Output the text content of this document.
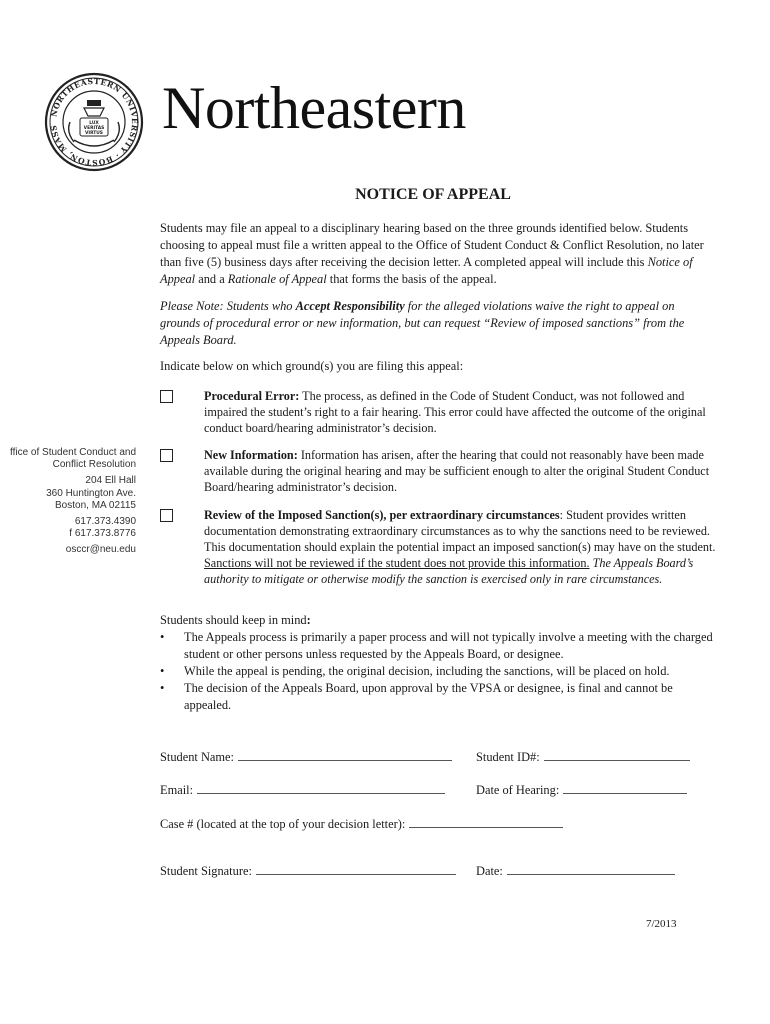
NORTHEASTERN UNIVERSITY · BOSTON, MASS
LUX
VERITAS
VIRTUS Northeastern
NOTICE OF APPEAL
Students may file an appeal to a disciplinary hearing based on the three grounds identified below. Students choosing to appeal must file a written appeal to the Office of Student Conduct & Conflict Resolution, no later than five (5) business days after receiving the decision letter. A completed appeal will include this Notice of Appeal and a Rationale of Appeal that forms the basis of the appeal.
Please Note: Students who Accept Responsibility for the alleged violations waive the right to appeal on grounds of procedural error or new information, but can request “Review of imposed sanctions” from the Appeals Board.
Indicate below on which ground(s) you are filing this appeal:
ffice of Student Conduct and
Conflict Resolution
204 Ell Hall
360 Huntington Ave.
Boston, MA 02115
617.373.4390
f 617.373.8776
osccr@neu.edu
Procedural Error: The process, as defined in the Code of Student Conduct, was not followed and impaired the student’s right to a fair hearing. This error could have affected the outcome of the original conduct board/hearing administrator’s decision.
New Information: Information has arisen, after the hearing that could not reasonably have been made available during the original hearing and may be sufficient enough to alter the original Student Conduct Board/hearing administrator’s decision.
Review of the Imposed Sanction(s), per extraordinary circumstances: Student provides written documentation demonstrating extraordinary circumstances as to why the sanctions need to be reviewed. This documentation should explain the potential impact an imposed sanction(s) may have on the student. Sanctions will not be reviewed if the student does not provide this information. The Appeals Board’s authority to mitigate or otherwise modify the sanction is exercised only in rare circumstances.
Students should keep in mind:
•	The Appeals process is primarily a paper process and will not typically involve a meeting with the charged student or other persons unless requested by the Appeals Board, or designee.
•	While the appeal is pending, the original decision, including the sanctions, will be placed on hold.
•	The decision of the Appeals Board, upon approval by the VPSA or designee, is final and cannot be appealed.
Student Name:	Student ID#:
Email:	Date of Hearing:
Case # (located at the top of your decision letter):
Student Signature:	Date:
7/2013
